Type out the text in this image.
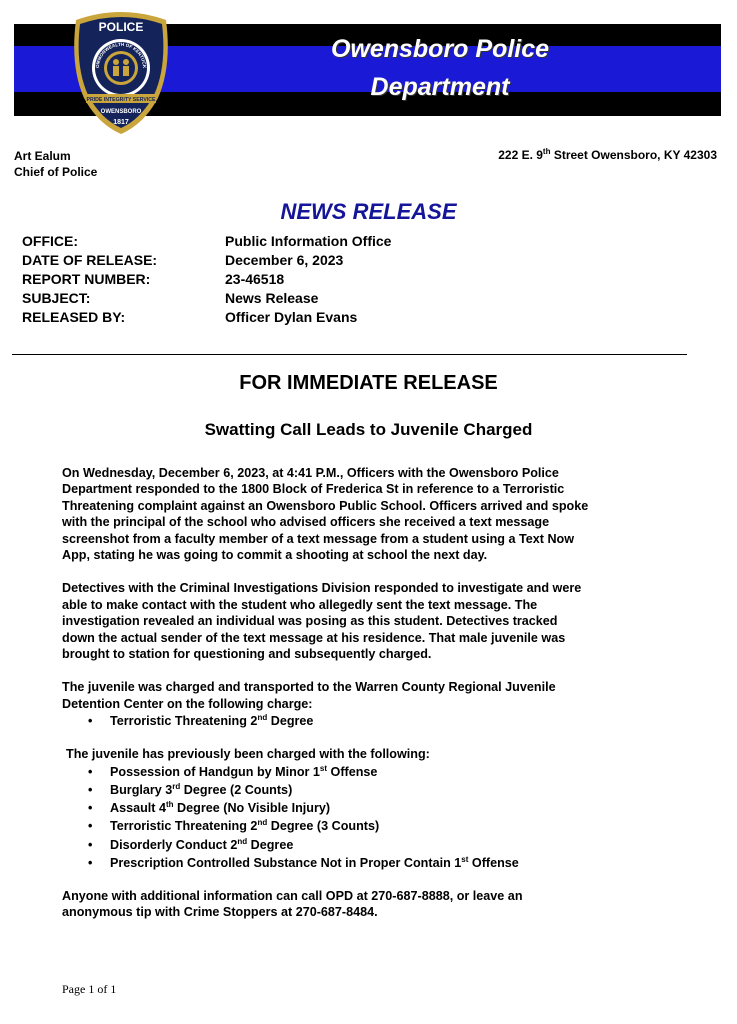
Owensboro Police
Department
POLICE
OMMONWEALTH OF KENTUCK
PRIDE INTEGRITY SERVICE
OWENSBORO
1817
Art Ealum
Chief of Police
222 E. 9th Street Owensboro, KY 42303
NEWS RELEASE
OFFICE:	Public Information Office
DATE OF RELEASE:	December 6, 2023
REPORT NUMBER:	23-46518
SUBJECT:	News Release
RELEASED BY:	Officer Dylan Evans
FOR IMMEDIATE RELEASE
Swatting Call Leads to Juvenile Charged

On Wednesday, December 6, 2023, at 4:41 P.M., Officers with the Owensboro Police
Department responded to the 1800 Block of Frederica St in reference to a Terroristic
Threatening complaint against an Owensboro Public School. Officers arrived and spoke
with the principal of the school who advised officers she received a text message
screenshot from a faculty member of a text message from a student using a Text Now
App, stating he was going to commit a shooting at school the next day.

Detectives with the Criminal Investigations Division responded to investigate and were
able to make contact with the student who allegedly sent the text message. The
investigation revealed an individual was posing as this student. Detectives tracked
down the actual sender of the text message at his residence. That male juvenile was
brought to station for questioning and subsequently charged.

The juvenile was charged and transported to the Warren County Regional Juvenile
Detention Center on the following charge:

• Terroristic Threatening 2nd Degree

The juvenile has previously been charged with the following:

• Possession of Handgun by Minor 1st Offense
• Burglary 3rd Degree (2 Counts)
• Assault 4th Degree (No Visible Injury)
• Terroristic Threatening 2nd Degree (3 Counts)
• Disorderly Conduct 2nd Degree
• Prescription Controlled Substance Not in Proper Contain 1st Offense

Anyone with additional information can call OPD at 270-687-8888, or leave an
anonymous tip with Crime Stoppers at 270-687-8484.

Page 1 of 1
